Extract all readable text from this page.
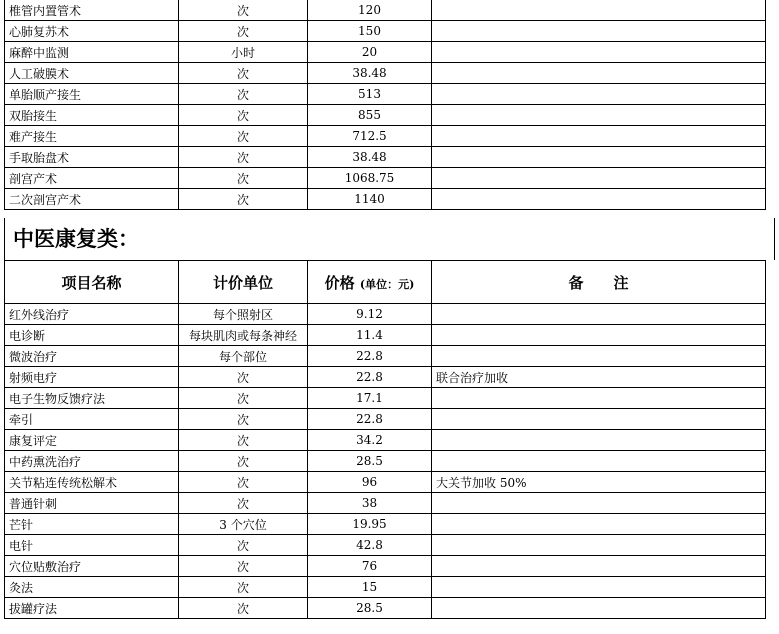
椎管内置管术	次	120	
心肺复苏术	次	150	
麻醉中监测	小时	20	
人工破膜术	次	38.48	
单胎顺产接生	次	513	
双胎接生	次	855	
难产接生	次	712.5	
手取胎盘术	次	38.48	
剖宫产术	次	1068.75	
二次剖宫产术	次	1140	
中医康复类：
项目名称	计价单位	价格 (单位：元)	备　　注
红外线治疗	每个照射区	9.12	
电诊断	每块肌肉或每条神经	11.4	
微波治疗	每个部位	22.8	
射频电疗	次	22.8	联合治疗加收
电子生物反馈疗法	次	17.1	
牵引	次	22.8	
康复评定	次	34.2	
中药熏洗治疗	次	28.5	
关节粘连传统松解术	次	96	大关节加收 50%
普通针刺	次	38	
芒针	3 个穴位	19.95	
电针	次	42.8	
穴位贴敷治疗	次	76	
灸法	次	15	
拔罐疗法	次	28.5	
